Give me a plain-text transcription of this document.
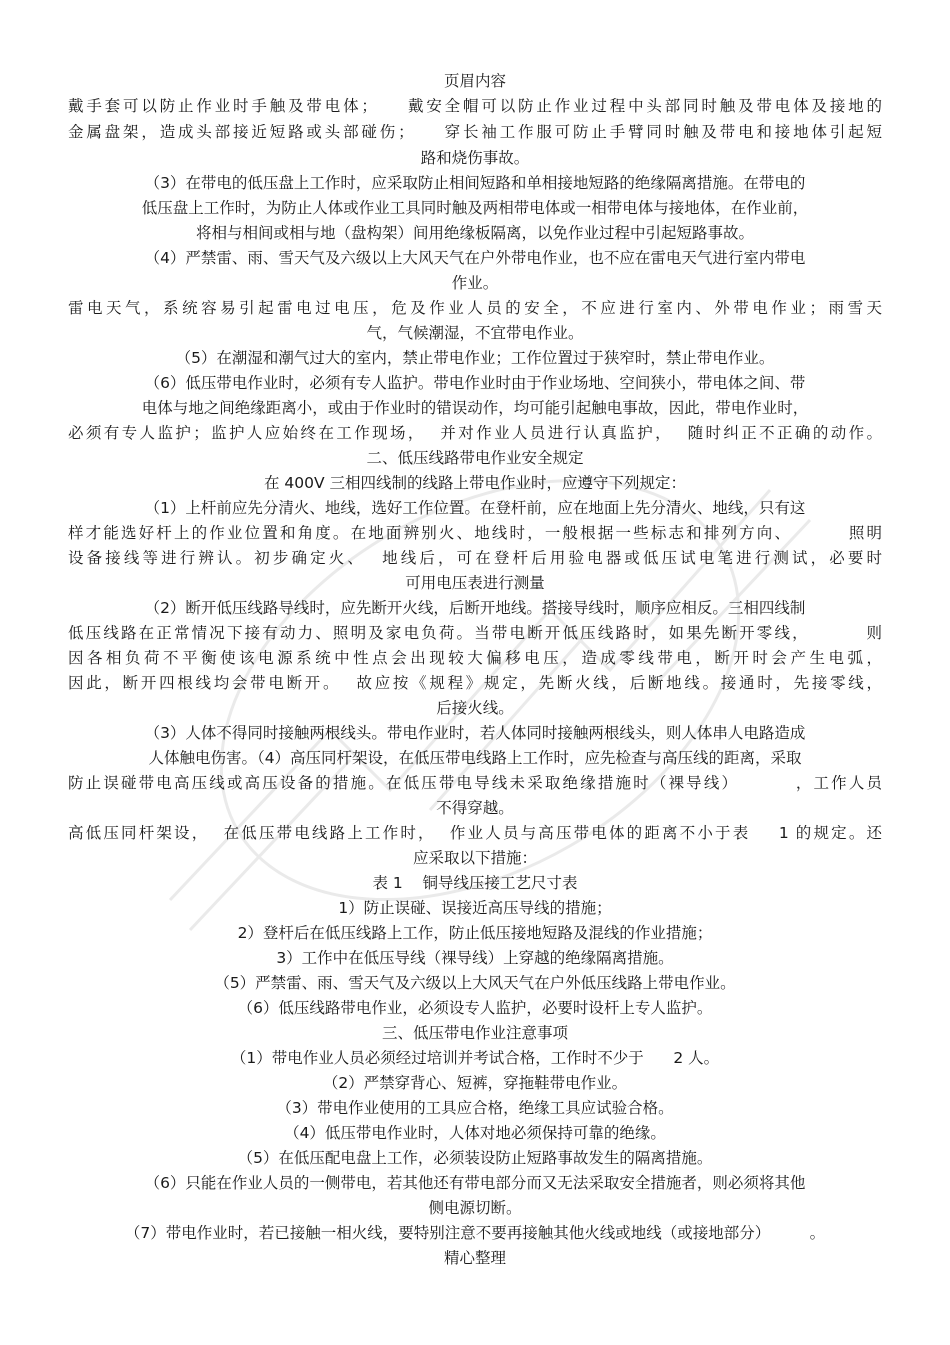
页眉内容
戴手套可以防止作业时手触及带电体；    戴安全帽可以防止作业过程中头部同时触及带电体及接地的
金属盘架，造成头部接近短路或头部碰伤；    穿长袖工作服可防止手臂同时触及带电和接地体引起短
路和烧伤事故。
（3）在带电的低压盘上工作时，应采取防止相间短路和单相接地短路的绝缘隔离措施。在带电的
低压盘上工作时，为防止人体或作业工具同时触及两相带电体或一相带电体与接地体，在作业前，
将相与相间或相与地（盘构架）间用绝缘板隔离，以免作业过程中引起短路事故。
（4）严禁雷、雨、雪天气及六级以上大风天气在户外带电作业，也不应在雷电天气进行室内带电
作业。
雷电天气，系统容易引起雷电过电压，危及作业人员的安全，不应进行室内、外带电作业；雨雪天
气，气候潮湿，不宜带电作业。
（5）在潮湿和潮气过大的室内，禁止带电作业；工作位置过于狭窄时，禁止带电作业。
（6）低压带电作业时，必须有专人监护。带电作业时由于作业场地、空间狭小，带电体之间、带
电体与地之间绝缘距离小，或由于作业时的错误动作，均可能引起触电事故，因此，带电作业时，
必须有专人监护；监护人应始终在工作现场，  并对作业人员进行认真监护，  随时纠正不正确的动作。
二、低压线路带电作业安全规定
在 400V 三相四线制的线路上带电作业时，应遵守下列规定：
（1）上杆前应先分清火、地线，选好工作位置。在登杆前，应在地面上先分清火、地线，只有这
样才能选好杆上的作业位置和角度。在地面辨别火、地线时，一般根据一些标志和排列方向、        照明
设备接线等进行辨认。初步确定火、  地线后，可在登杆后用验电器或低压试电笔进行测试，必要时
可用电压表进行测量
（2）断开低压线路导线时，应先断开火线，后断开地线。搭接导线时，顺序应相反。三相四线制
低压线路在正常情况下接有动力、照明及家电负荷。当带电断开低压线路时，如果先断开零线，        则
因各相负荷不平衡使该电源系统中性点会出现较大偏移电压，造成零线带电，断开时会产生电弧，
因此，断开四根线均会带电断开。  故应按《规程》规定，先断火线，后断地线。接通时，先接零线，
后接火线。
（3）人体不得同时接触两根线头。带电作业时，若人体同时接触两根线头，则人体串人电路造成
人体触电伤害。（4）高压同杆架设，在低压带电线路上工作时，应先检查与高压线的距离，采取
防止误碰带电高压线或高压设备的措施。在低压带电导线未采取绝缘措施时（裸导线）        ，工作人员
不得穿越。
高低压同杆架设，  在低压带电线路上工作时，  作业人员与高压带电体的距离不小于表    1 的规定。还
应采取以下措施：
表 1    铜导线压接工艺尺寸表
1）防止误碰、误接近高压导线的措施；
2）登杆后在低压线路上工作，防止低压接地短路及混线的作业措施；
3）工作中在低压导线（裸导线）上穿越的绝缘隔离措施。
（5）严禁雷、雨、雪天气及六级以上大风天气在户外低压线路上带电作业。
（6）低压线路带电作业，必须设专人监护，必要时设杆上专人监护。
三、低压带电作业注意事项
（1）带电作业人员必须经过培训并考试合格，工作时不少于      2 人。
（2）严禁穿背心、短裤，穿拖鞋带电作业。
（3）带电作业使用的工具应合格，绝缘工具应试验合格。
（4）低压带电作业时，人体对地必须保持可靠的绝缘。
（5）在低压配电盘上工作，必须装设防止短路事故发生的隔离措施。
（6）只能在作业人员的一侧带电，若其他还有带电部分而又无法采取安全措施者，则必须将其他
侧电源切断。
（7）带电作业时，若已接触一相火线，要特别注意不要再接触其他火线或地线（或接地部分）        。
精心整理
